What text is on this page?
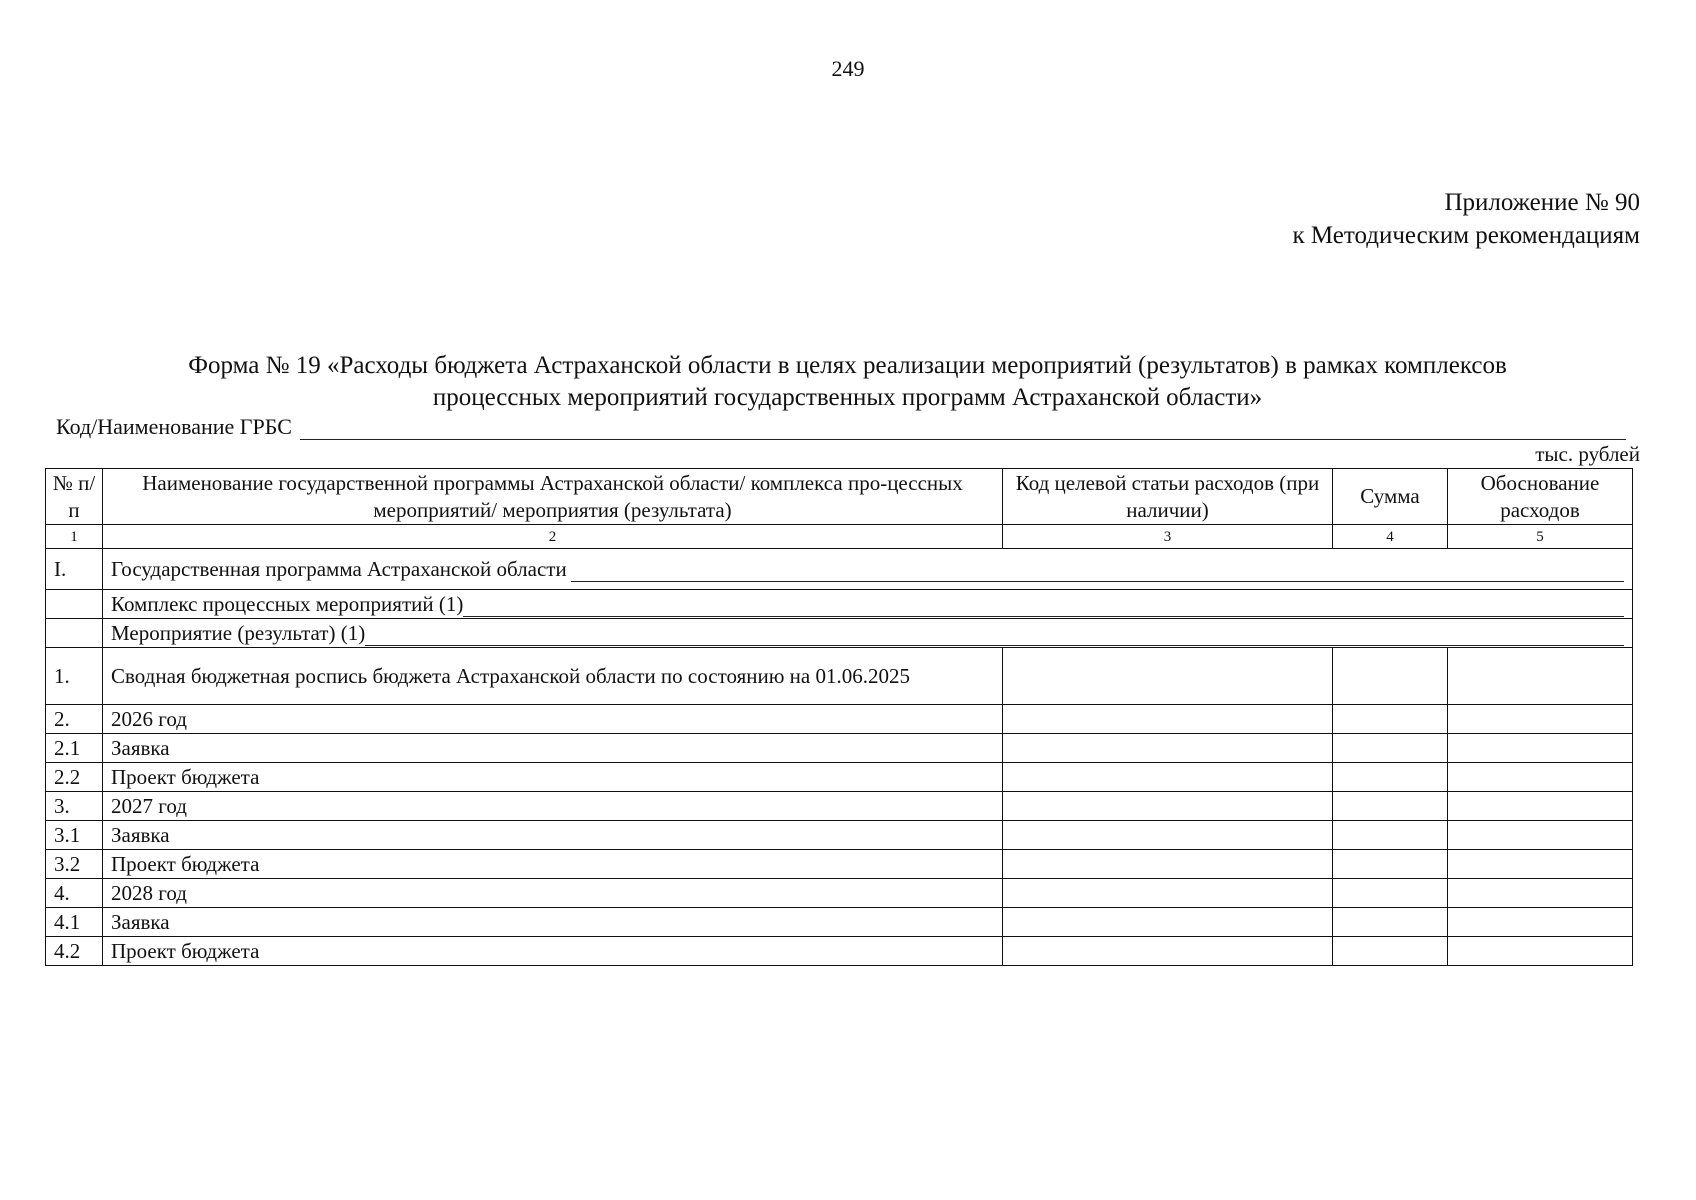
249
Приложение № 90
к Методическим рекомендациям
Форма № 19 «Расходы бюджета Астраханской области в целях реализации мероприятий (результатов) в рамках комплексов
процессных мероприятий государственных программ Астраханской области»
Код/Наименование ГРБС
тыс. рублей
№ п/п	Наименование государственной программы Астраханской области/ комплекса про-цессных мероприятий/ мероприятия (результата)	Код целевой статьи расходов (при наличии)	Сумма	Обоснование расходов
1	2	3	4	5
I.	Государственная программа Астраханской области			

	Комплекс процессных мероприятий (1)			

	Мероприятие (результат) (1)			

1.	Сводная бюджетная роспись бюджета Астраханской области по состоянию на 01.06.2025			
2.	2026 год			
2.1	Заявка			
2.2	Проект бюджета			
3.	2027 год			
3.1	Заявка			
3.2	Проект бюджета			
4.	2028 год			
4.1	Заявка			
4.2	Проект бюджета			
